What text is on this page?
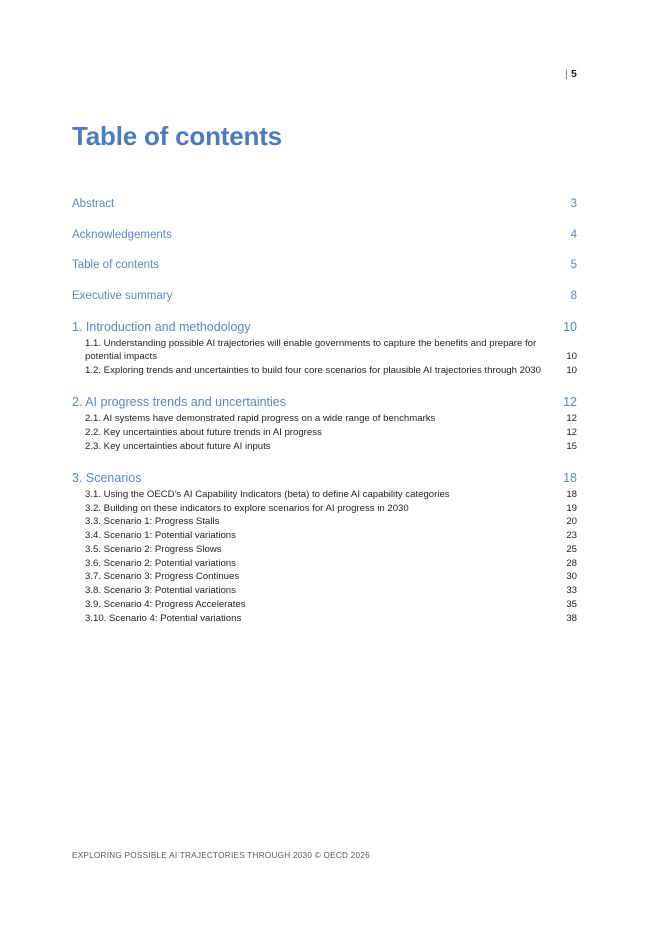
| 5
Table of contents
Abstract	3
Acknowledgements	4
Table of contents	5
Executive summary	8
1. Introduction and methodology	10
1.1. Understanding possible AI trajectories will enable governments to capture the benefits and prepare for potential impacts	10
1.2. Exploring trends and uncertainties to build four core scenarios for plausible AI trajectories through 2030	10
2. AI progress trends and uncertainties	12
2.1. AI systems have demonstrated rapid progress on a wide range of benchmarks	12
2.2. Key uncertainties about future trends in AI progress	12
2.3. Key uncertainties about future AI inputs	15
3. Scenarios	18
3.1. Using the OECD’s AI Capability Indicators (beta) to define AI capability categories	18
3.2. Building on these indicators to explore scenarios for AI progress in 2030	19
3.3. Scenario 1: Progress Stalls	20
3.4. Scenario 1: Potential variations	23
3.5. Scenario 2: Progress Slows	25
3.6. Scenario 2: Potential variations	28
3.7. Scenario 3: Progress Continues	30
3.8. Scenario 3: Potential variations	33
3.9. Scenario 4: Progress Accelerates	35
3.10. Scenario 4: Potential variations	38
EXPLORING POSSIBLE AI TRAJECTORIES THROUGH 2030 © OECD 2026
